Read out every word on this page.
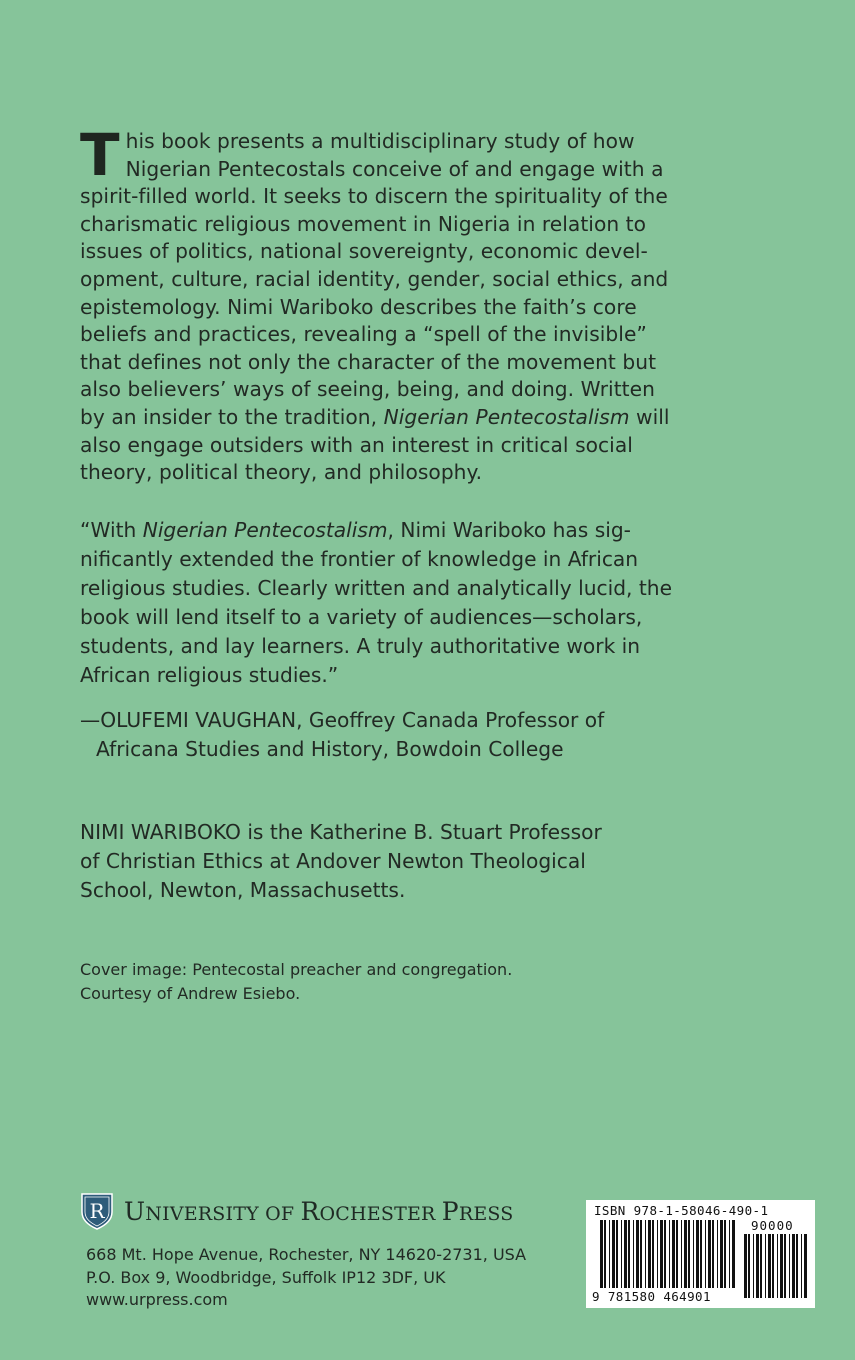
T his book presents a multidisciplinary study of how
Nigerian Pentecostals conceive of and engage with a
spirit-filled world. It seeks to discern the spirituality of the
charismatic religious movement in Nigeria in relation to
issues of politics, national sovereignty, economic devel-
opment, culture, racial identity, gender, social ethics, and
epistemology. Nimi Wariboko describes the faith’s core
beliefs and practices, revealing a “spell of the invisible”
that defines not only the character of the movement but
also believers’ ways of seeing, being, and doing. Written
by an insider to the tradition, Nigerian Pentecostalism will
also engage outsiders with an interest in critical social
theory, political theory, and philosophy.
“With Nigerian Pentecostalism, Nimi Wariboko has sig-
nificantly extended the frontier of knowledge in African
religious studies. Clearly written and analytically lucid, the
book will lend itself to a variety of audiences—scholars,
students, and lay learners. A truly authoritative work in
African religious studies.”
—OLUFEMI VAUGHAN, Geoffrey Canada Professor of
Africana Studies and History, Bowdoin College
NIMI WARIBOKO is the Katherine B. Stuart Professor
of Christian Ethics at Andover Newton Theological
School, Newton, Massachusetts.
Cover image: Pentecostal preacher and congregation.
Courtesy of Andrew Esiebo.
R UNIVERSITY OF ROCHESTER PRESS
668 Mt. Hope Avenue, Rochester, NY 14620-2731, USA
P.O. Box 9, Woodbridge, Suffolk IP12 3DF, UK
www.urpress.com
ISBN 978-1-58046-490-1
90000
9 781580 464901
